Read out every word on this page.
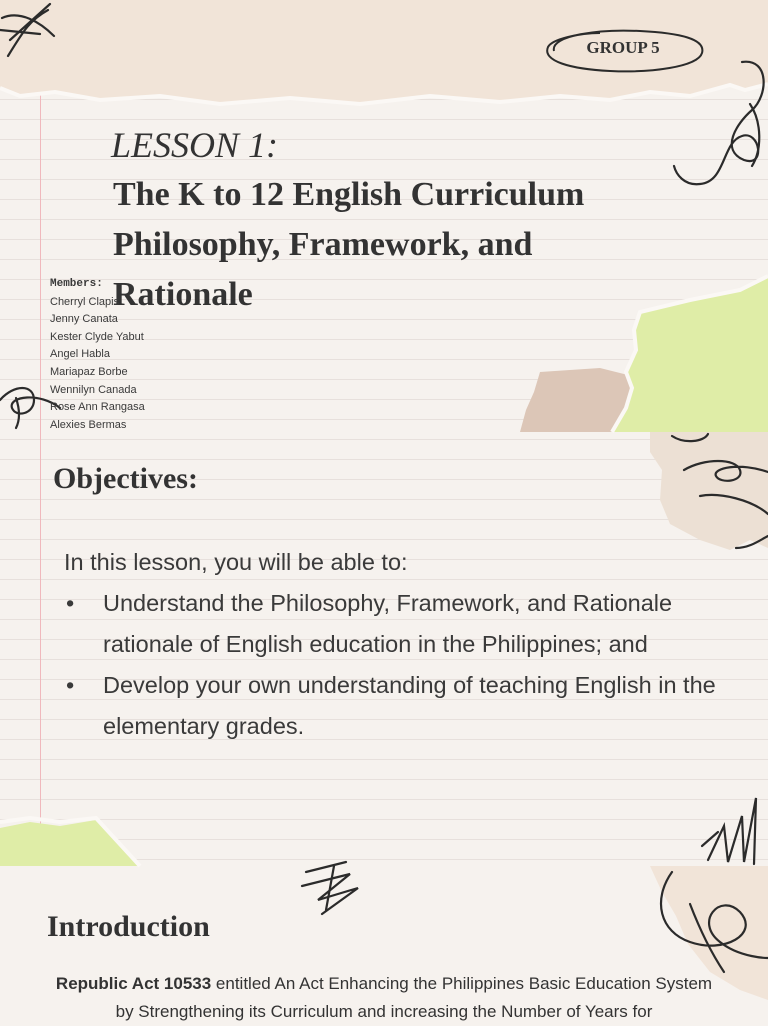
GROUP 5
LESSON 1:
The K to 12 English Curriculum
Philosophy, Framework, and
Rationale
Members:
Cherryl Clapis
Jenny Canata
Kester Clyde Yabut
Angel Habla
Mariapaz Borbe
Wennilyn Canada
Rose Ann Rangasa
Alexies Bermas
Objectives:
In this lesson, you will be able to:
• Understand the Philosophy, Framework, and Rationale rationale of English education in the Philippines; and
• Develop your own understanding of teaching English in the elementary grades.
Introduction
Republic Act 10533 entitled An Act Enhancing the Philippines Basic Education System by Strengthening its Curriculum and increasing the Number of Years for
